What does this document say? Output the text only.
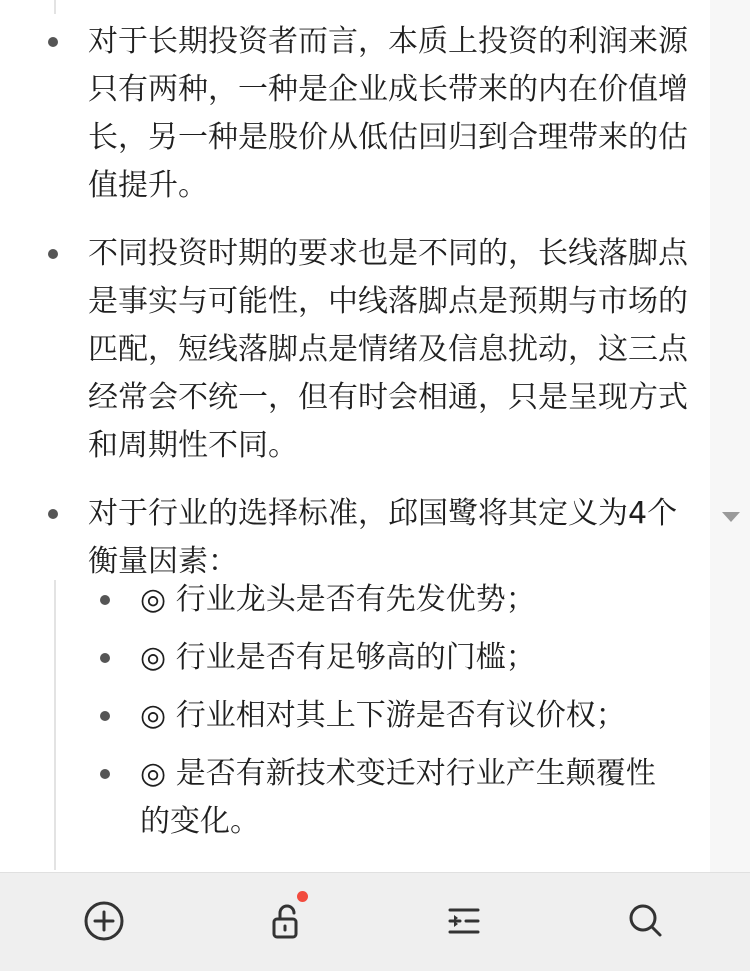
对于长期投资者而言，本质上投资的利润来源只有两种，一种是企业成长带来的内在价值增长，另一种是股价从低估回归到合理带来的估值提升。
不同投资时期的要求也是不同的，长线落脚点是事实与可能性，中线落脚点是预期与市场的匹配，短线落脚点是情绪及信息扰动，这三点经常会不统一，但有时会相通，只是呈现方式和周期性不同。
对于行业的选择标准，邱国鹭将其定义为4个衡量因素：
◎ 行业龙头是否有先发优势；
◎ 行业是否有足够高的门槛；
◎ 行业相对其上下游是否有议价权；
◎ 是否有新技术变迁对行业产生颠覆性的变化。
